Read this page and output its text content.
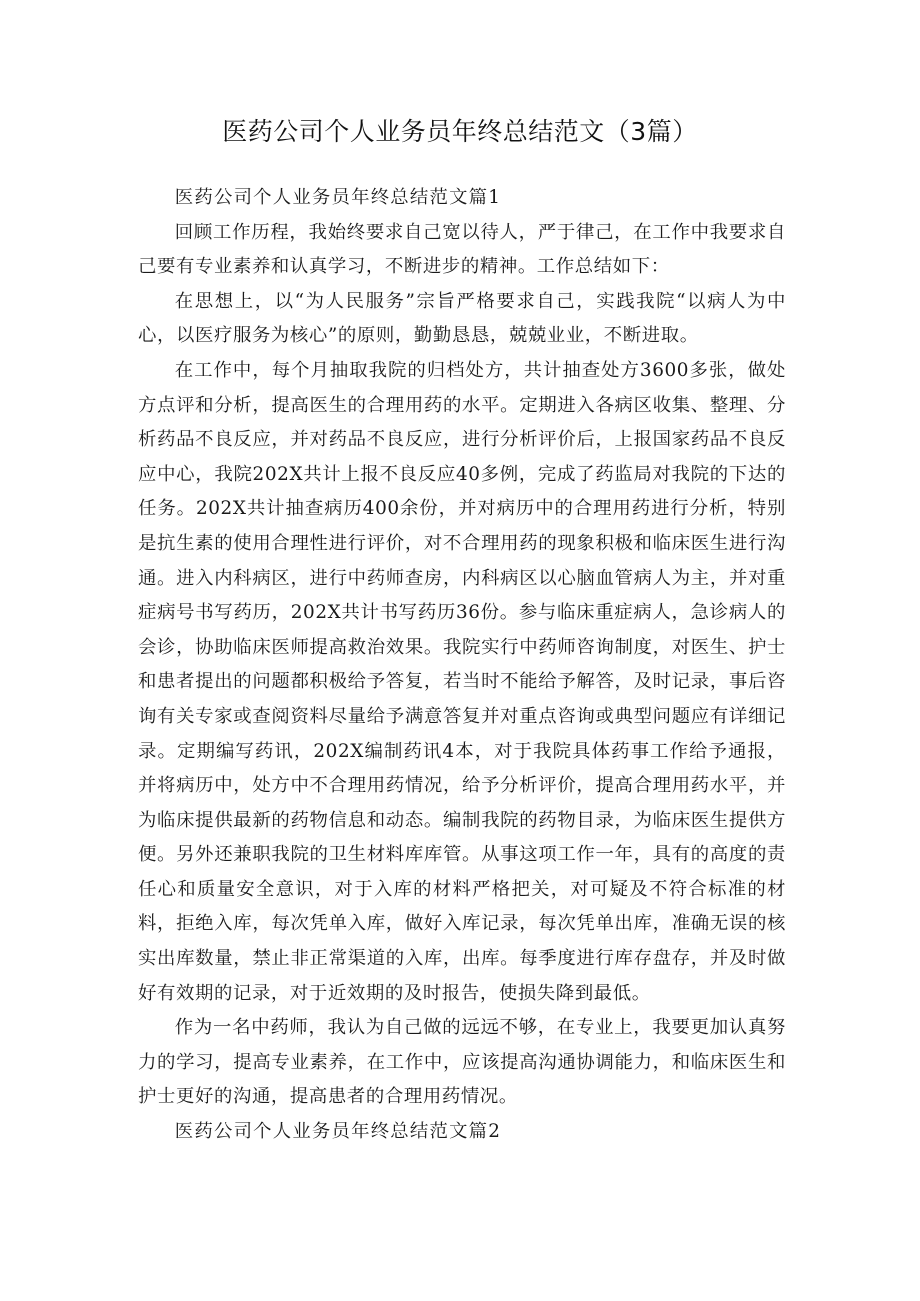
医药公司个人业务员年终总结范文（3篇）

医药公司个人业务员年终总结范文篇1

回顾工作历程，我始终要求自己宽以待人，严于律己，在工作中我要求自己要有专业素养和认真学习，不断进步的精神。工作总结如下：

在思想上，以“为人民服务”宗旨严格要求自己，实践我院“以病人为中心，以医疗服务为核心”的原则，勤勤恳恳，兢兢业业，不断进取。

在工作中，每个月抽取我院的归档处方，共计抽查处方3600多张，做处方点评和分析，提高医生的合理用药的水平。定期进入各病区收集、整理、分析药品不良反应，并对药品不良反应，进行分析评价后，上报国家药品不良反应中心，我院202X共计上报不良反应40多例，完成了药监局对我院的下达的任务。202X共计抽查病历400余份，并对病历中的合理用药进行分析，特别是抗生素的使用合理性进行评价，对不合理用药的现象积极和临床医生进行沟通。进入内科病区，进行中药师查房，内科病区以心脑血管病人为主，并对重症病号书写药历，202X共计书写药历36份。参与临床重症病人，急诊病人的会诊，协助临床医师提高救治效果。我院实行中药师咨询制度，对医生、护士和患者提出的问题都积极给予答复，若当时不能给予解答，及时记录，事后咨询有关专家或查阅资料尽量给予满意答复并对重点咨询或典型问题应有详细记录。定期编写药讯，202X编制药讯4本，对于我院具体药事工作给予通报，并将病历中，处方中不合理用药情况，给予分析评价，提高合理用药水平，并为临床提供最新的药物信息和动态。编制我院的药物目录，为临床医生提供方便。另外还兼职我院的卫生材料库库管。从事这项工作一年，具有的高度的责任心和质量安全意识，对于入库的材料严格把关，对可疑及不符合标准的材料，拒绝入库，每次凭单入库，做好入库记录，每次凭单出库，准确无误的核实出库数量，禁止非正常渠道的入库，出库。每季度进行库存盘存，并及时做好有效期的记录，对于近效期的及时报告，使损失降到最低。

作为一名中药师，我认为自己做的远远不够，在专业上，我要更加认真努力的学习，提高专业素养，在工作中，应该提高沟通协调能力，和临床医生和护士更好的沟通，提高患者的合理用药情况。

医药公司个人业务员年终总结范文篇2
